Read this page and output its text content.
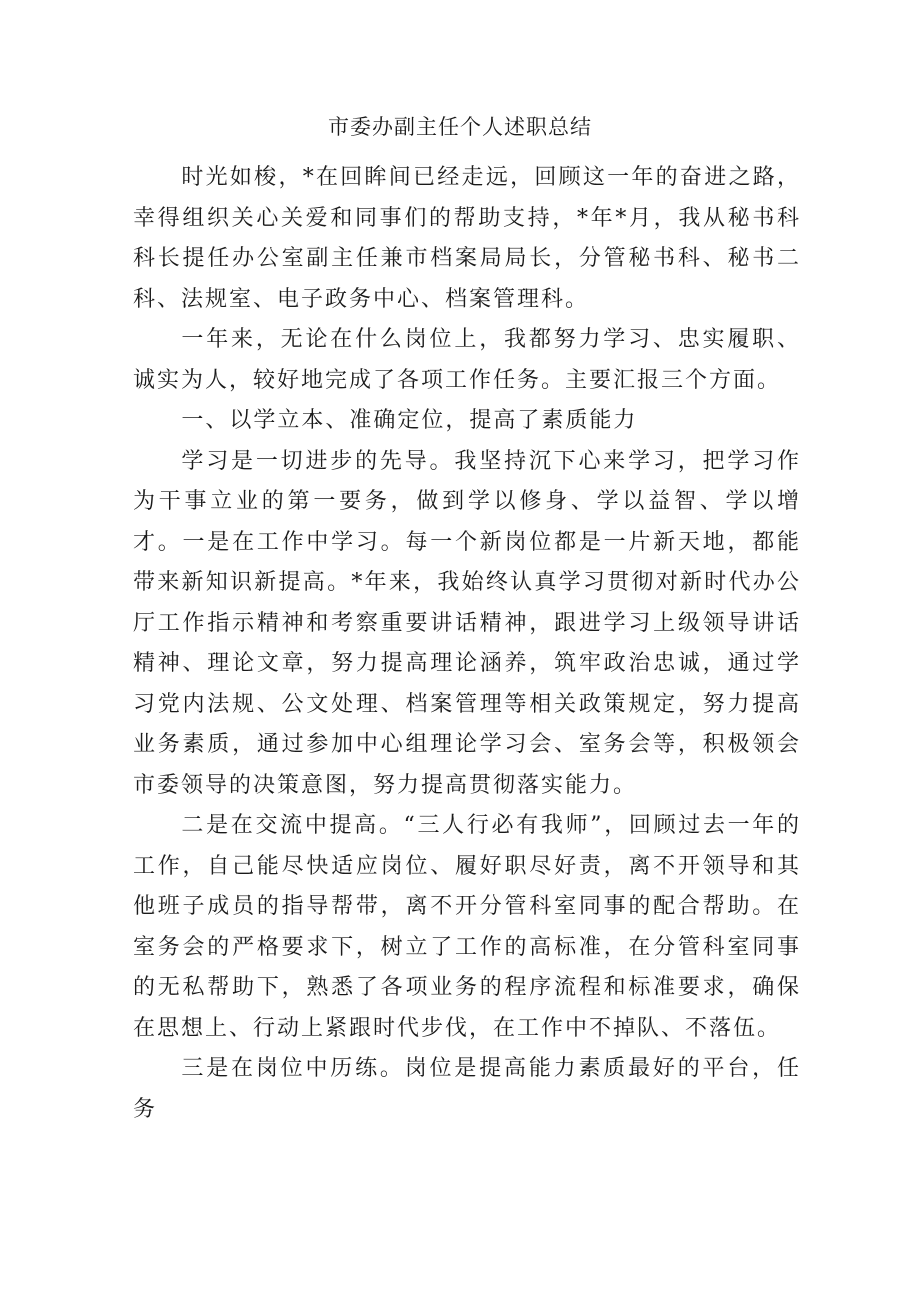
市委办副主任个人述职总结

时光如梭，*在回眸间已经走远，回顾这一年的奋进之路，幸得组织关心关爱和同事们的帮助支持，*年*月，我从秘书科科长提任办公室副主任兼市档案局局长，分管秘书科、秘书二科、法规室、电子政务中心、档案管理科。

一年来，无论在什么岗位上，我都努力学习、忠实履职、诚实为人，较好地完成了各项工作任务。主要汇报三个方面。

一、以学立本、准确定位，提高了素质能力

学习是一切进步的先导。我坚持沉下心来学习，把学习作为干事立业的第一要务，做到学以修身、学以益智、学以增才。一是在工作中学习。每一个新岗位都是一片新天地，都能带来新知识新提高。*年来，我始终认真学习贯彻对新时代办公厅工作指示精神和考察重要讲话精神，跟进学习上级领导讲话精神、理论文章，努力提高理论涵养，筑牢政治忠诚，通过学习党内法规、公文处理、档案管理等相关政策规定，努力提高业务素质，通过参加中心组理论学习会、室务会等，积极领会市委领导的决策意图，努力提高贯彻落实能力。

二是在交流中提高。“三人行必有我师”，回顾过去一年的工作，自己能尽快适应岗位、履好职尽好责，离不开领导和其他班子成员的指导帮带，离不开分管科室同事的配合帮助。在室务会的严格要求下，树立了工作的高标准，在分管科室同事的无私帮助下，熟悉了各项业务的程序流程和标准要求，确保在思想上、行动上紧跟时代步伐，在工作中不掉队、不落伍。

三是在岗位中历练。岗位是提高能力素质最好的平台，任务
